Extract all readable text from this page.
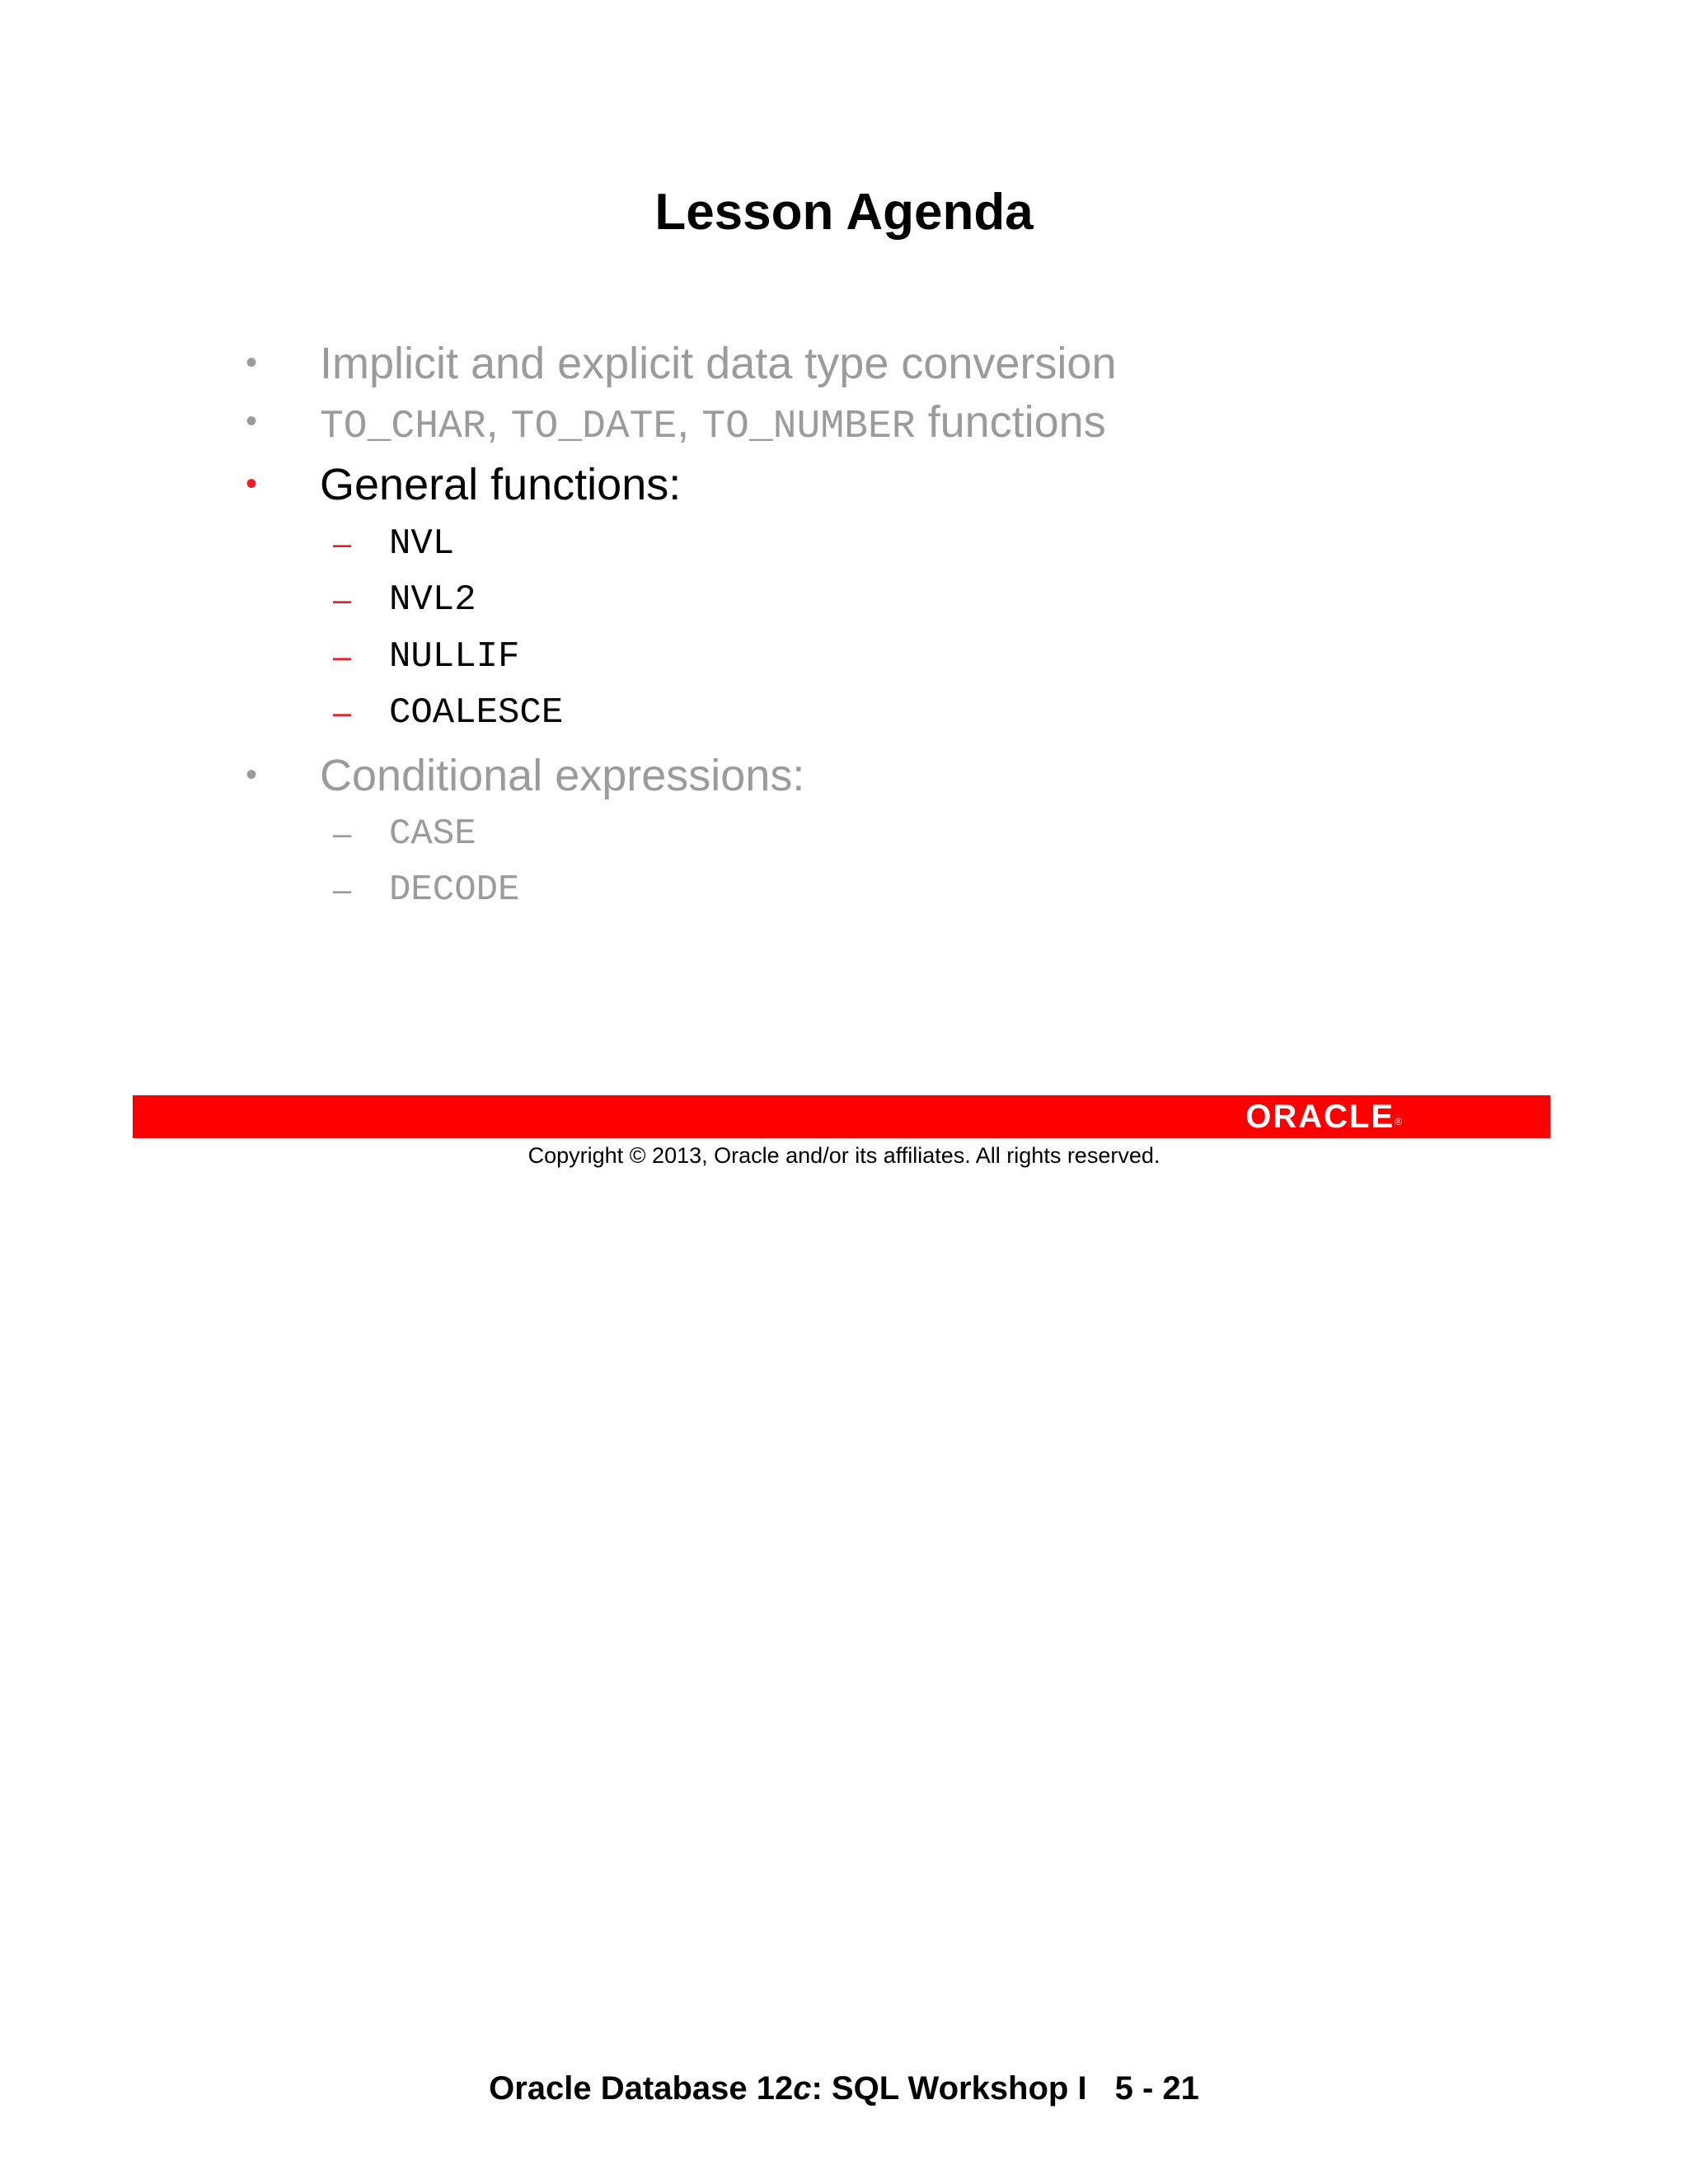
Lesson Agenda
• Implicit and explicit data type conversion
• TO_CHAR, TO_DATE, TO_NUMBER functions
• General functions:
– NVL
– NVL2
– NULLIF
– COALESCE
• Conditional expressions:
– CASE
– DECODE
ORACLE®
Copyright © 2013, Oracle and/or its affiliates. All rights reserved.
Oracle Database 12c: SQL Workshop I 5 - 21
